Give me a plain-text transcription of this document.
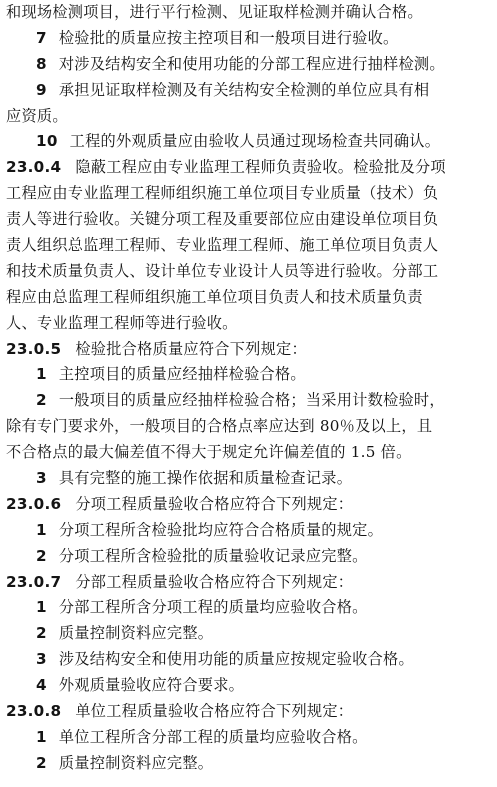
和现场检测项目，进行平行检测、见证取样检测并确认合格。
7 检验批的质量应按主控项目和一般项目进行验收。
8 对涉及结构安全和使用功能的分部工程应进行抽样检测。
9 承担见证取样检测及有关结构安全检测的单位应具有相
应资质。
10 工程的外观质量应由验收人员通过现场检查共同确认。
23.0.4 隐蔽工程应由专业监理工程师负责验收。检验批及分项
工程应由专业监理工程师组织施工单位项目专业质量（技术）负
责人等进行验收。关键分项工程及重要部位应由建设单位项目负
责人组织总监理工程师、专业监理工程师、施工单位项目负责人
和技术质量负责人、设计单位专业设计人员等进行验收。分部工
程应由总监理工程师组织施工单位项目负责人和技术质量负责
人、专业监理工程师等进行验收。
23.0.5 检验批合格质量应符合下列规定：
1 主控项目的质量应经抽样检验合格。
2 一般项目的质量应经抽样检验合格；当采用计数检验时，
除有专门要求外，一般项目的合格点率应达到 80％及以上，且
不合格点的最大偏差值不得大于规定允许偏差值的 1.5 倍。
3 具有完整的施工操作依据和质量检查记录。
23.0.6 分项工程质量验收合格应符合下列规定：
1 分项工程所含检验批均应符合合格质量的规定。
2 分项工程所含检验批的质量验收记录应完整。
23.0.7 分部工程质量验收合格应符合下列规定：
1 分部工程所含分项工程的质量均应验收合格。
2 质量控制资料应完整。
3 涉及结构安全和使用功能的质量应按规定验收合格。
4 外观质量验收应符合要求。
23.0.8 单位工程质量验收合格应符合下列规定：
1 单位工程所含分部工程的质量均应验收合格。
2 质量控制资料应完整。
